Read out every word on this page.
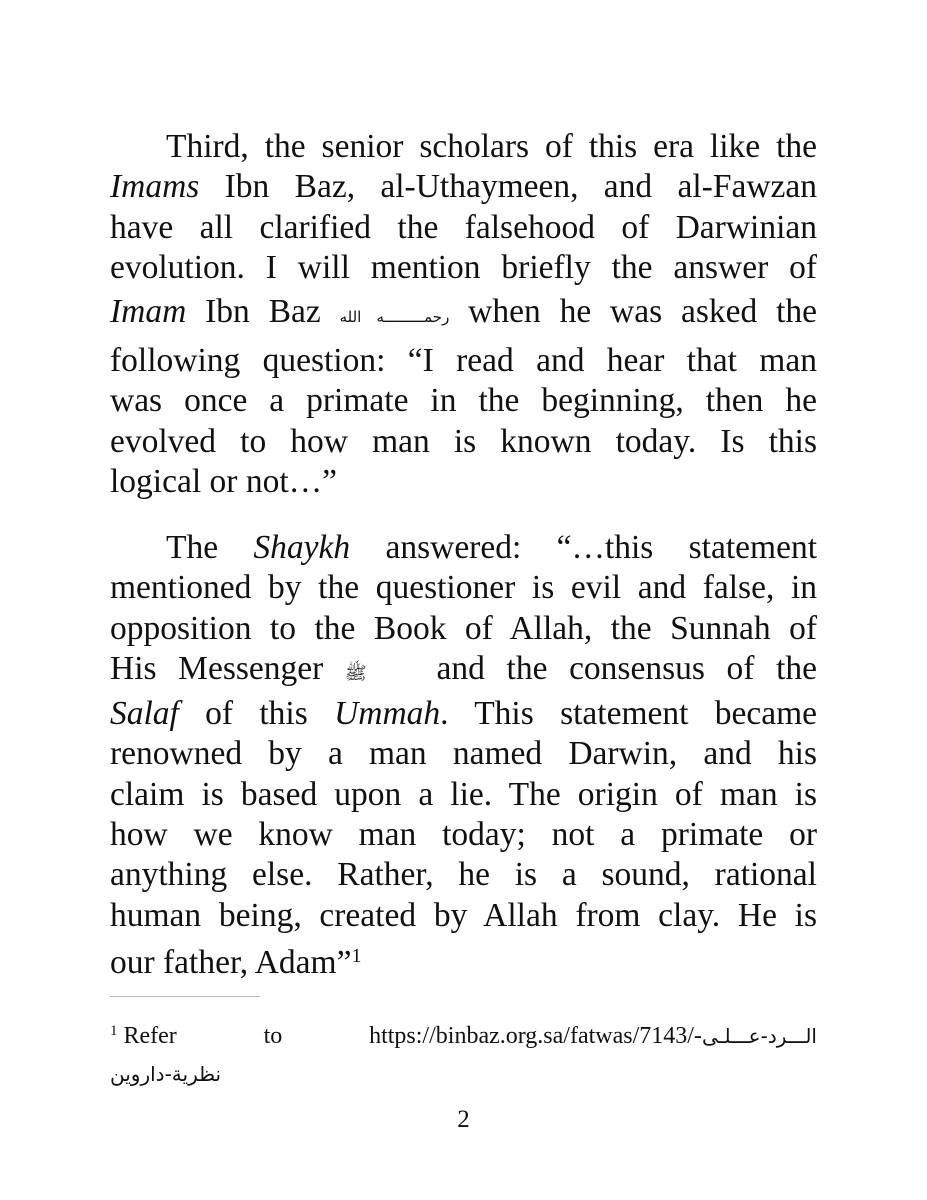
Third, the senior scholars of this era like the
Imams Ibn Baz, al-Uthaymeen, and al-Fawzan
have all clarified the falsehood of Darwinian
evolution. I will mention briefly the answer of
Imam Ibn Baz رحمـــــــــه الله when he was asked the
following question: “I read and hear that man
was once a primate in the beginning, then he
evolved to how man is known today. Is this
logical or not…”

The Shaykh answered: “…this statement
mentioned by the questioner is evil and false, in
opposition to the Book of Allah, the Sunnah of
His Messenger ﷺ and the consensus of the
Salaf of this Ummah. This statement became
renowned by a man named Darwin, and his
claim is based upon a lie. The origin of man is
how we know man today; not a primate or
anything else. Rather, he is a sound, rational
human being, created by Allah from clay. He is
our father, Adam”$^1$

$^1$ Refer to https://binbaz.org.sa/fatwas/7143/-الـــرد-عـــلـى
نظرية-داروين

2
